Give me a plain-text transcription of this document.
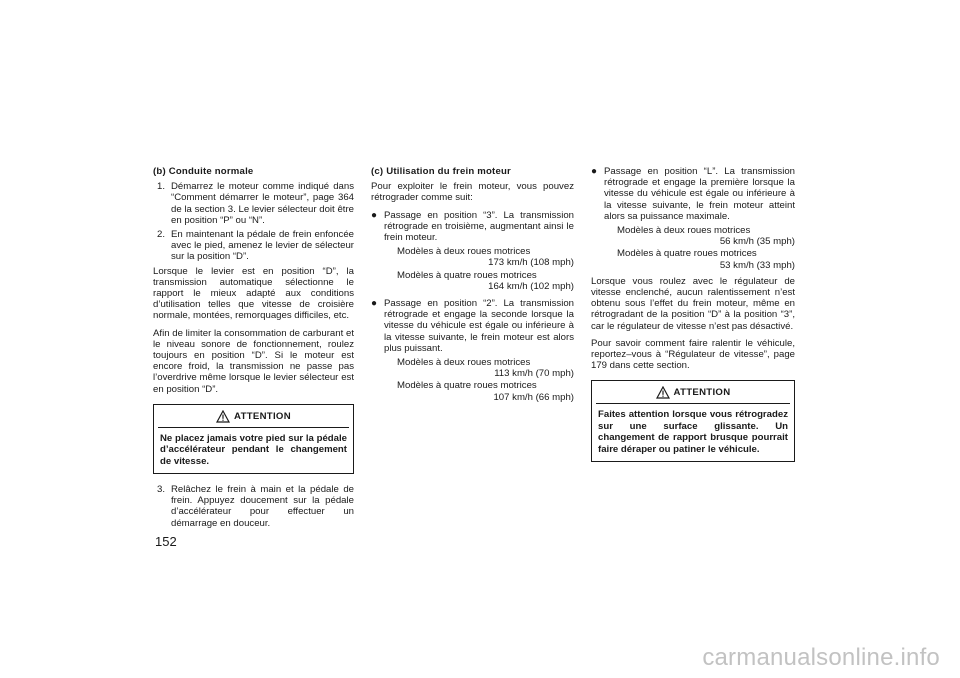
(b) Conduite normale

1. Démarrez le moteur comme indiqué dans “Comment démarrer le moteur”, page 364 de la section 3. Le levier sélecteur doit être en position “P” ou “N”.
2. En maintenant la pédale de frein enfoncée avec le pied, amenez le levier de sélecteur sur la position “D”.

Lorsque le levier est en position “D”, la transmission automatique sélectionne le rapport le mieux adapté aux conditions d’utilisation telles que vitesse de croisière normale, montées, remorquages difficiles, etc.

Afin de limiter la consommation de carburant et le niveau sonore de fonctionnement, roulez toujours en position “D”. Si le moteur est encore froid, la transmission ne passe pas l’overdrive même lorsque le levier sélecteur est en position “D”.

ATTENTION
Ne placez jamais votre pied sur la pédale d’accélérateur pendant le changement de vitesse.
3. Relâchez le frein à main et la pédale de frein. Appuyez doucement sur la pédale d’accélérateur pour effectuer un démarrage en douceur.

(c) Utilisation du frein moteur

Pour exploiter le frein moteur, vous pouvez rétrograder comme suit:

● Passage en position “3”. La transmission rétrograde en troisième, augmentant ainsi le frein moteur.
Modèles à deux roues motrices
173 km/h (108 mph)
Modèles à quatre roues motrices
164 km/h (102 mph)
● Passage en position “2”. La transmission rétrograde et engage la seconde lorsque la vitesse du véhicule est égale ou inférieure à la vitesse suivante, le frein moteur est alors plus puissant.
Modèles à deux roues motrices
113 km/h (70 mph)
Modèles à quatre roues motrices
107 km/h (66 mph)
● Passage en position “L”. La transmission rétrograde et engage la première lorsque la vitesse du véhicule est égale ou inférieure à la vitesse suivante, le frein moteur atteint alors sa puissance maximale.
Modèles à deux roues motrices
56 km/h (35 mph)
Modèles à quatre roues motrices
53 km/h (33 mph)

Lorsque vous roulez avec le régulateur de vitesse enclenché, aucun ralentissement n’est obtenu sous l’effet du frein moteur, même en rétrogradant de la position “D” à la position “3”, car le régulateur de vitesse n’est pas désactivé.

Pour savoir comment faire ralentir le véhicule, reportez–vous à “Régulateur de vitesse”, page 179 dans cette section.

ATTENTION
Faites attention lorsque vous rétrogradez sur une surface glissante. Un changement de rapport brusque pourrait faire déraper ou patiner le véhicule.
152
carmanualsonline.info
